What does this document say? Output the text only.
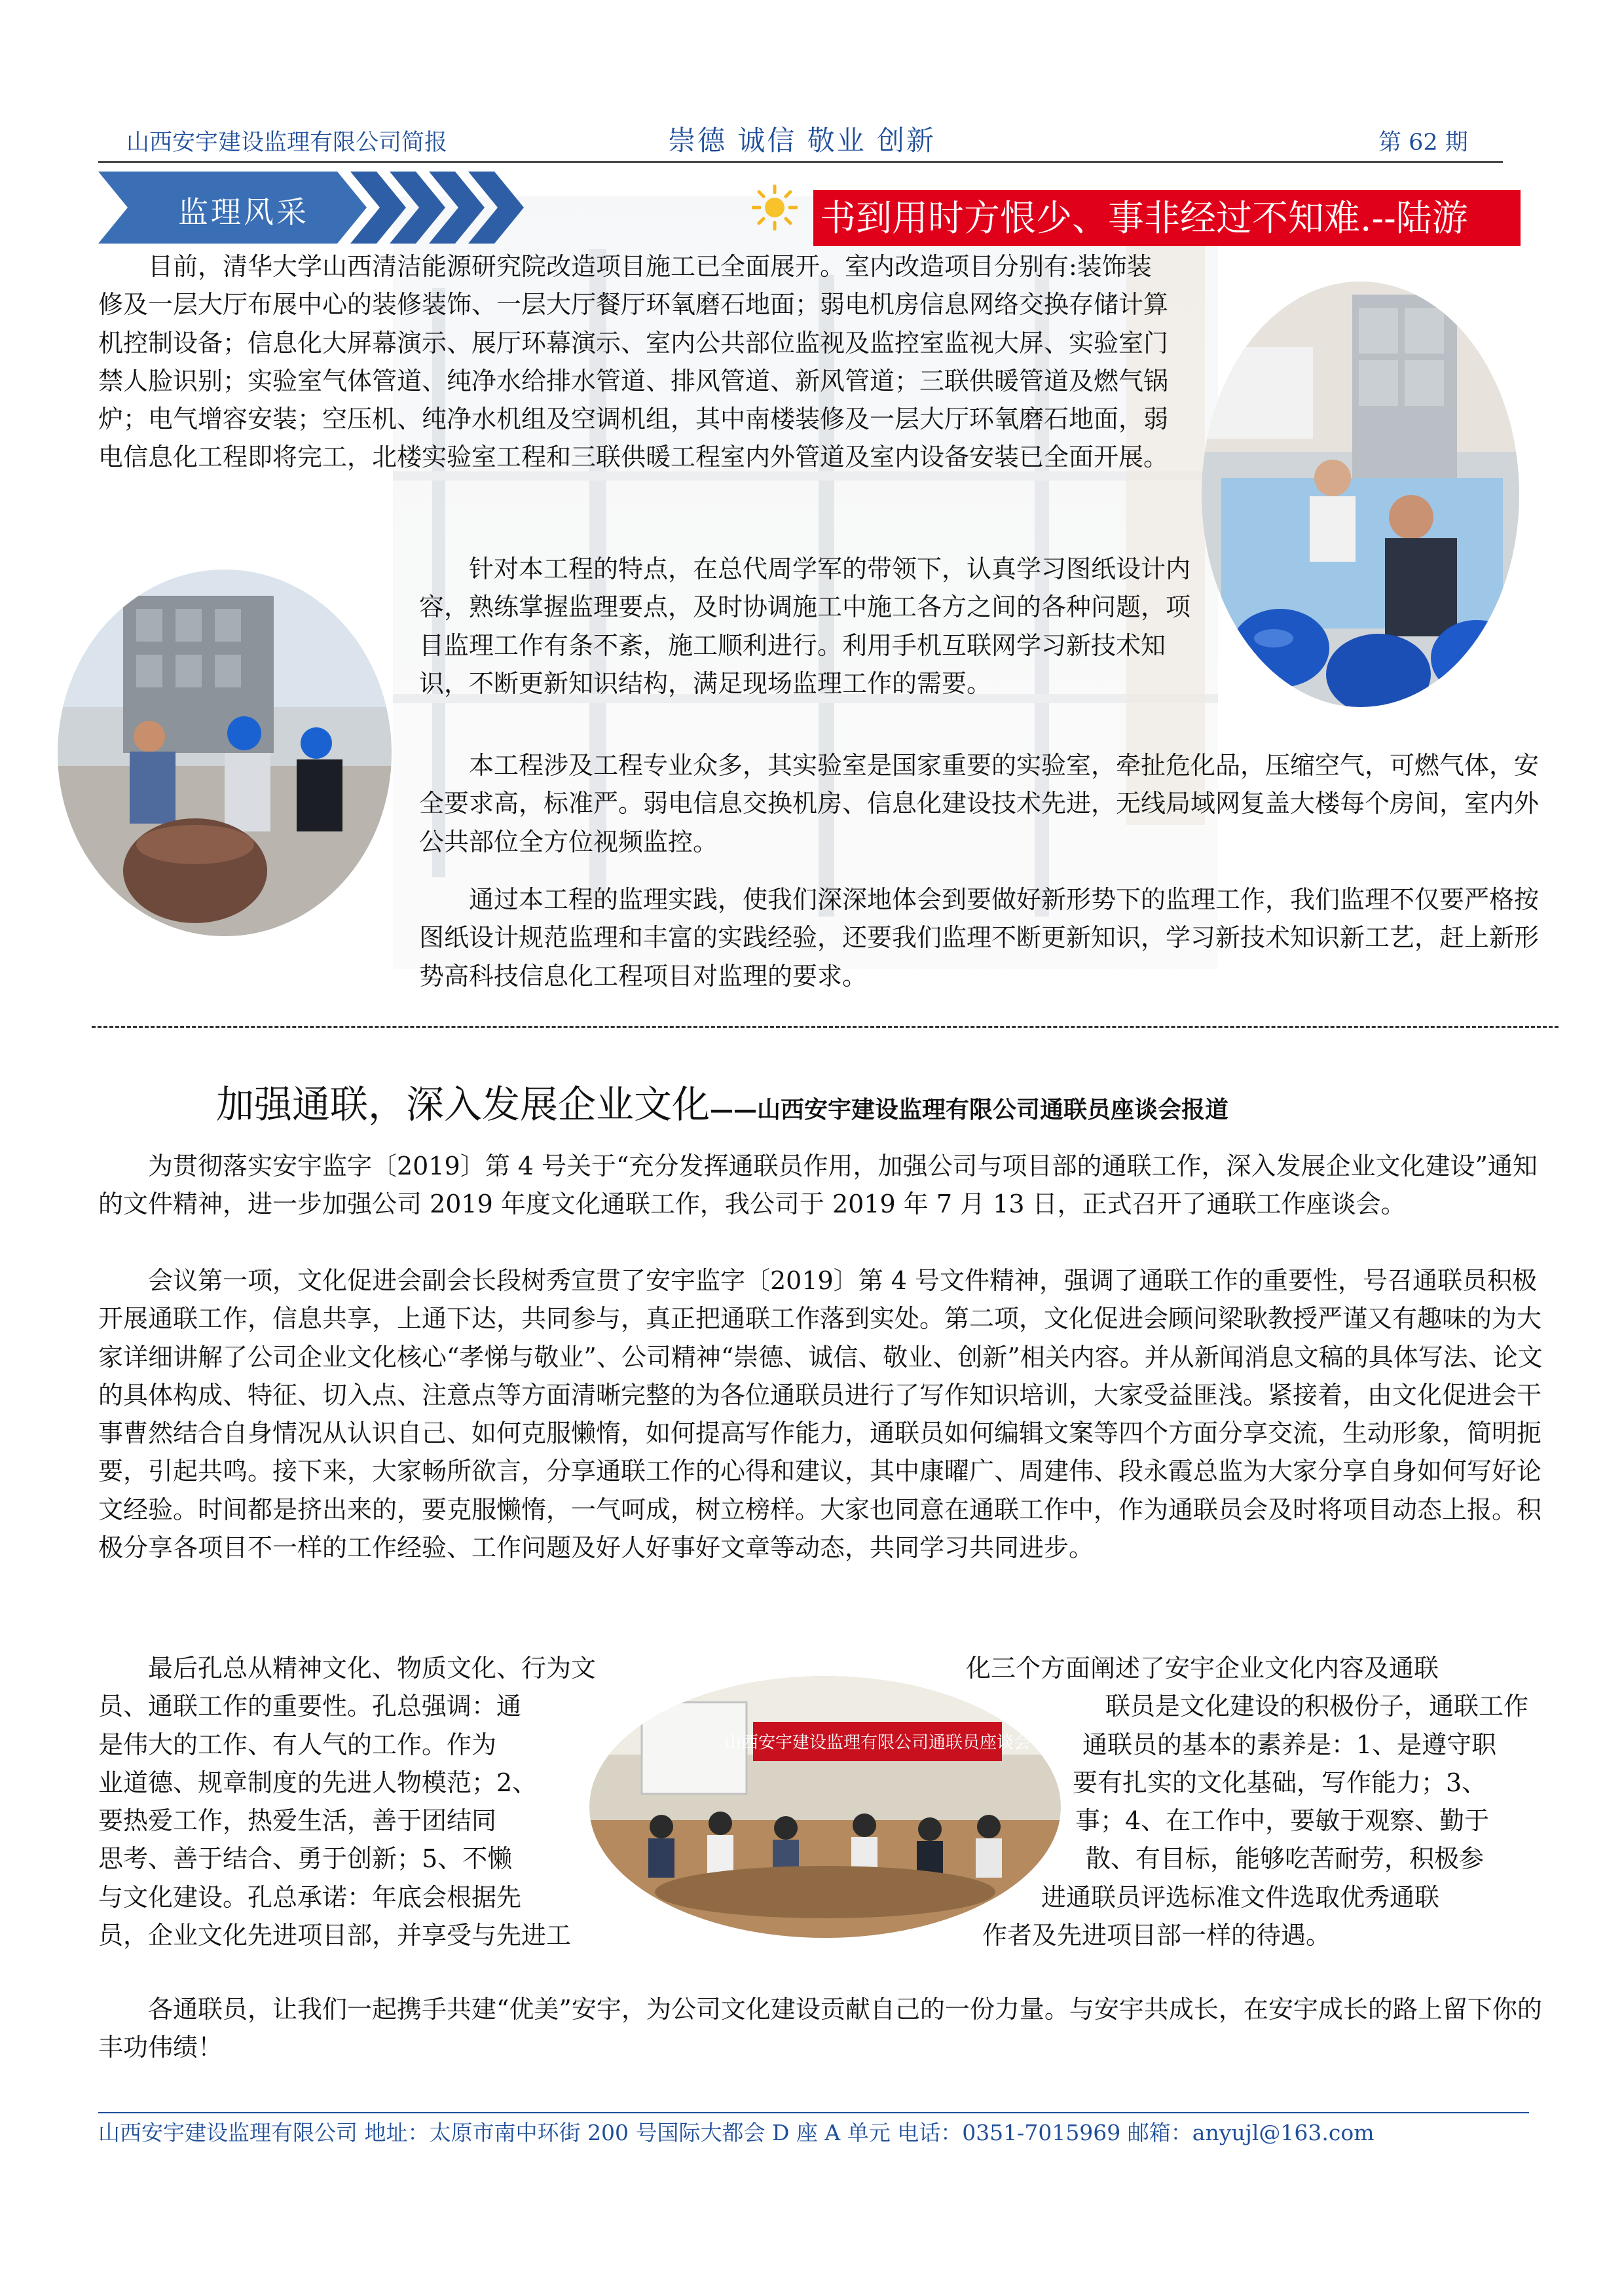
山西安宇建设监理有限公司简报	崇德 诚信 敬业 创新	第 62 期
监理风采	书到用时方恨少、事非经过不知难.--陆游
目前，清华大学山西清洁能源研究院改造项目施工已全面展开。室内改造项目分别有:装饰装修及一层大厅布展中心的装修装饰、一层大厅餐厅环氧磨石地面；弱电机房信息网络交换存储计算机控制设备；信息化大屏幕演示、展厅环幕演示、室内公共部位监视及监控室监视大屏、实验室门禁人脸识别；实验室气体管道、纯净水给排水管道、排风管道、新风管道；三联供暖管道及燃气锅炉；电气增容安装；空压机、纯净水机组及空调机组，其中南楼装修及一层大厅环氧磨石地面，弱电信息化工程即将完工，北楼实验室工程和三联供暖工程室内外管道及室内设备安装已全面开展。
针对本工程的特点，在总代周学军的带领下，认真学习图纸设计内容，熟练掌握监理要点，及时协调施工中施工各方之间的各种问题，项目监理工作有条不紊，施工顺利进行。利用手机互联网学习新技术知识，不断更新知识结构，满足现场监理工作的需要。
本工程涉及工程专业众多，其实验室是国家重要的实验室，牵扯危化品，压缩空气，可燃气体，安全要求高，标准严。弱电信息交换机房、信息化建设技术先进，无线局域网复盖大楼每个房间，室内外公共部位全方位视频监控。
通过本工程的监理实践，使我们深深地体会到要做好新形势下的监理工作，我们监理不仅要严格按图纸设计规范监理和丰富的实践经验，还要我们监理不断更新知识，学习新技术知识新工艺，赶上新形势高科技信息化工程项目对监理的要求。
加强通联，深入发展企业文化——山西安宇建设监理有限公司通联员座谈会报道
为贯彻落实安宇监字〔2019〕第 4 号关于“充分发挥通联员作用，加强公司与项目部的通联工作，深入发展企业文化建设”通知的文件精神，进一步加强公司 2019 年度文化通联工作，我公司于 2019 年 7 月 13 日，正式召开了通联工作座谈会。
会议第一项，文化促进会副会长段树秀宣贯了安宇监字〔2019〕第 4 号文件精神，强调了通联工作的重要性，号召通联员积极开展通联工作，信息共享，上通下达，共同参与，真正把通联工作落到实处。第二项，文化促进会顾问梁耿教授严谨又有趣味的为大家详细讲解了公司企业文化核心“孝悌与敬业”、公司精神“崇德、诚信、敬业、创新”相关内容。并从新闻消息文稿的具体写法、论文的具体构成、特征、切入点、注意点等方面清晰完整的为各位通联员进行了写作知识培训，大家受益匪浅。紧接着，由文化促进会干事曹然结合自身情况从认识自己、如何克服懒惰，如何提高写作能力，通联员如何编辑文案等四个方面分享交流，生动形象，简明扼要，引起共鸣。接下来，大家畅所欲言，分享通联工作的心得和建议，其中康曜广、周建伟、段永霞总监为大家分享自身如何写好论文经验。时间都是挤出来的，要克服懒惰，一气呵成，树立榜样。大家也同意在通联工作中，作为通联员会及时将项目动态上报。积极分享各项目不一样的工作经验、工作问题及好人好事好文章等动态，共同学习共同进步。
最后孔总从精神文化、物质文化、行为文	化三个方面阐述了安宇企业文化内容及通联
员、通联工作的重要性。孔总强调：通	联员是文化建设的积极份子，通联工作
是伟大的工作、有人气的工作。作为	通联员的基本的素养是：1、是遵守职
业道德、规章制度的先进人物模范；2、	要有扎实的文化基础，写作能力；3、
要热爱工作，热爱生活，善于团结同	事；4、在工作中，要敏于观察、勤于
思考、善于结合、勇于创新；5、不懒	散、有目标，能够吃苦耐劳，积极参
与文化建设。孔总承诺：年底会根据先	进通联员评选标准文件选取优秀通联
员，企业文化先进项目部，并享受与先进工	作者及先进项目部一样的待遇。
山西安宇建设监理有限公司通联员座谈会
各通联员，让我们一起携手共建“优美”安宇，为公司文化建设贡献自己的一份力量。与安宇共成长，在安宇成长的路上留下你的丰功伟绩！
山西安宇建设监理有限公司 地址：太原市南中环街 200 号国际大都会 D 座 A 单元 电话：0351-7015969 邮箱：anyujl@163.com
